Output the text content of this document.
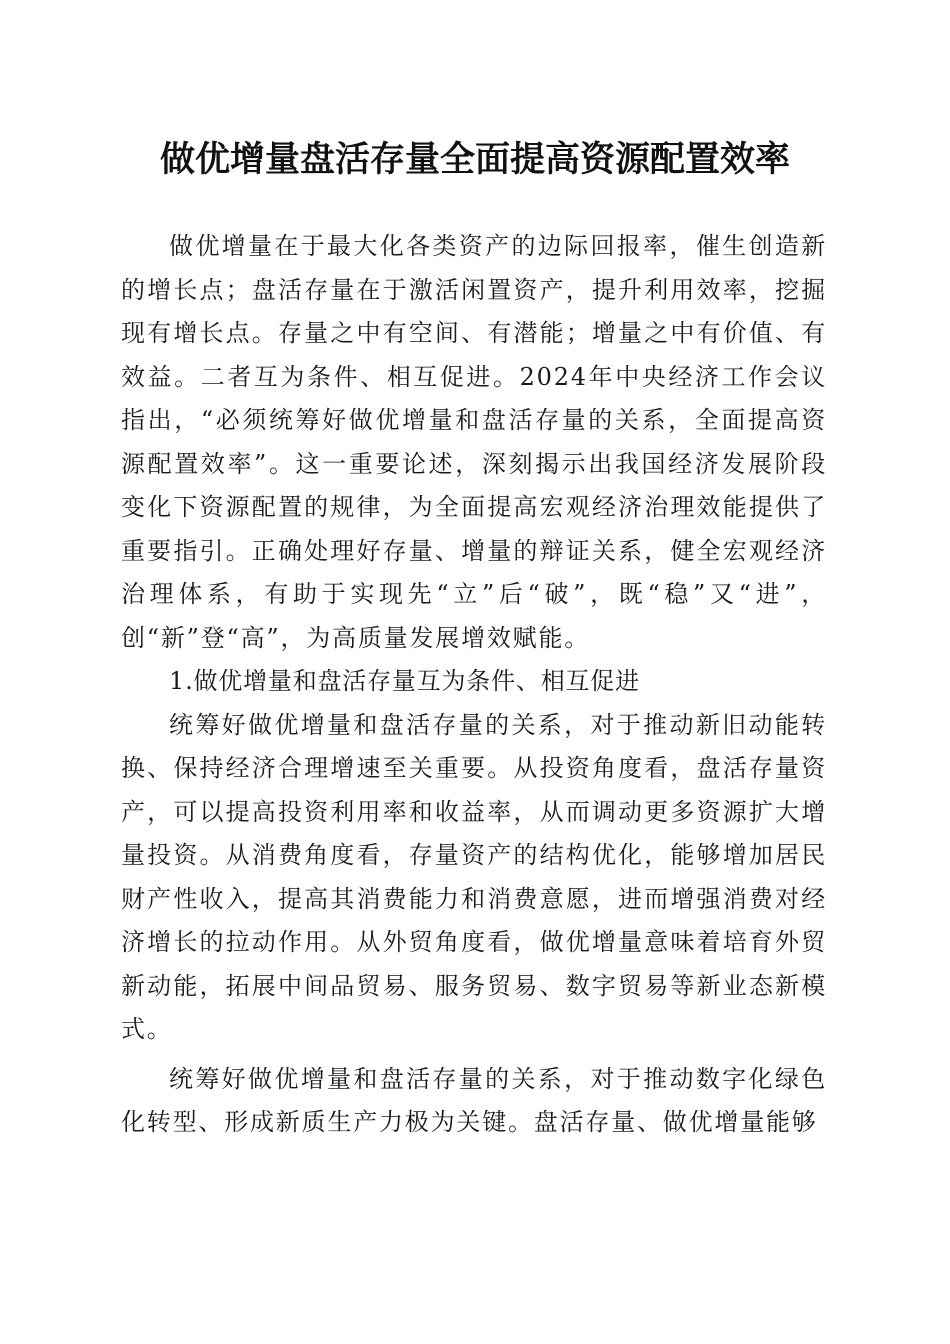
做优增量盘活存量全面提高资源配置效率

做优增量在于最大化各类资产的边际回报率，催生创造新的增长点；盘活存量在于激活闲置资产，提升利用效率，挖掘现有增长点。存量之中有空间、有潜能；增量之中有价值、有效益。二者互为条件、相互促进。2024年中央经济工作会议指出，“必须统筹好做优增量和盘活存量的关系，全面提高资源配置效率”。这一重要论述，深刻揭示出我国经济发展阶段变化下资源配置的规律，为全面提高宏观经济治理效能提供了重要指引。正确处理好存量、增量的辩证关系，健全宏观经济治理体系，有助于实现先“立”后“破”，既“稳”又“进”，创“新”登“高”，为高质量发展增效赋能。

1.做优增量和盘活存量互为条件、相互促进

统筹好做优增量和盘活存量的关系，对于推动新旧动能转换、保持经济合理增速至关重要。从投资角度看，盘活存量资产，可以提高投资利用率和收益率，从而调动更多资源扩大增量投资。从消费角度看，存量资产的结构优化，能够增加居民财产性收入，提高其消费能力和消费意愿，进而增强消费对经济增长的拉动作用。从外贸角度看，做优增量意味着培育外贸新动能，拓展中间品贸易、服务贸易、数字贸易等新业态新模式。

统筹好做优增量和盘活存量的关系，对于推动数字化绿色化转型、形成新质生产力极为关键。盘活存量、做优增量能够
